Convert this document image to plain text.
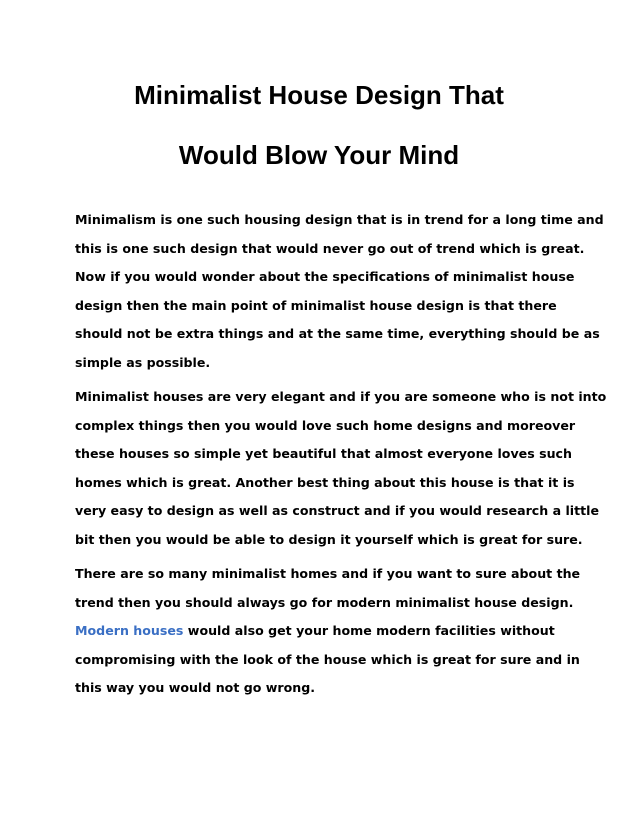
Minimalist House Design That
Would Blow Your Mind

Minimalism is one such housing design that is in trend for a long time and
this is one such design that would never go out of trend which is great.
Now if you would wonder about the specifications of minimalist house
design then the main point of minimalist house design is that there
should not be extra things and at the same time, everything should be as
simple as possible.

Minimalist houses are very elegant and if you are someone who is not into
complex things then you would love such home designs and moreover
these houses so simple yet beautiful that almost everyone loves such
homes which is great. Another best thing about this house is that it is
very easy to design as well as construct and if you would research a little
bit then you would be able to design it yourself which is great for sure.

There are so many minimalist homes and if you want to sure about the
trend then you should always go for modern minimalist house design.
Modern houses would also get your home modern facilities without
compromising with the look of the house which is great for sure and in
this way you would not go wrong.
